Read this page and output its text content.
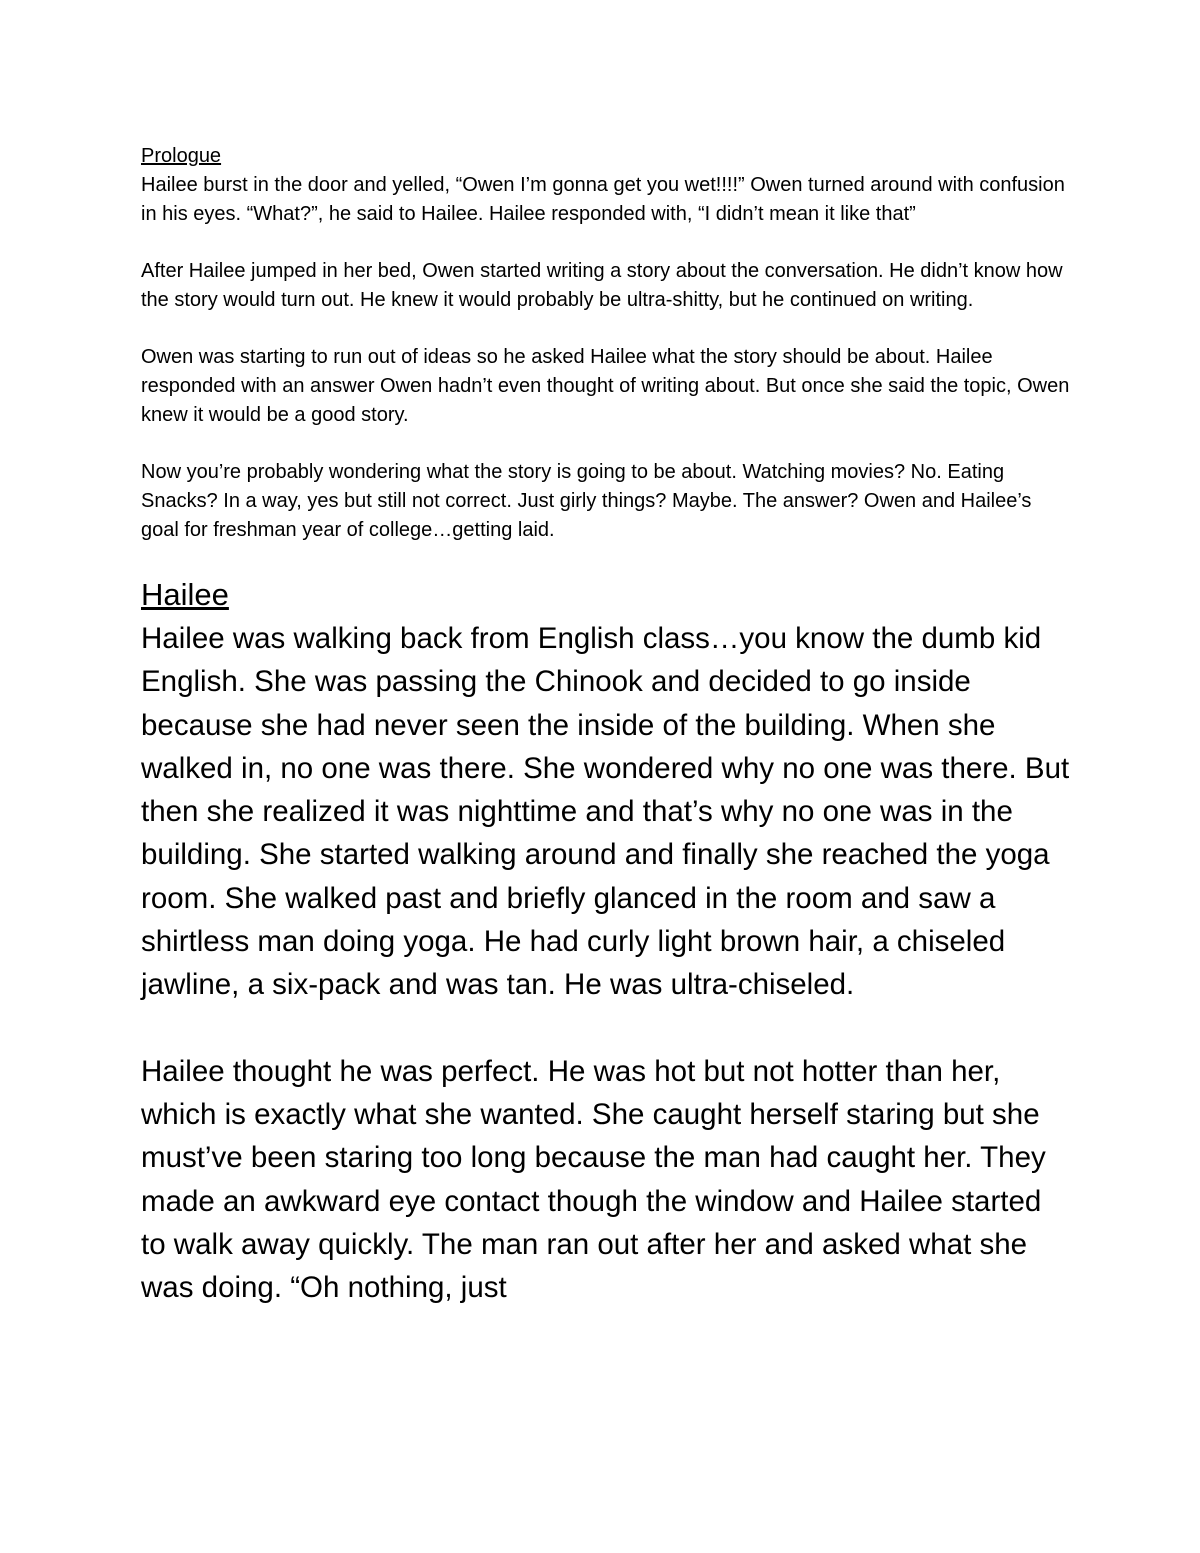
Prologue

Hailee burst in the door and yelled, “Owen I’m gonna get you wet!!!!” Owen turned around with confusion in his eyes. “What?”, he said to Hailee. Hailee responded with, “I didn’t mean it like that”

After Hailee jumped in her bed, Owen started writing a story about the conversation. He didn’t know how the story would turn out. He knew it would probably be ultra-shitty, but he continued on writing.

Owen was starting to run out of ideas so he asked Hailee what the story should be about. Hailee responded with an answer Owen hadn’t even thought of writing about. But once she said the topic, Owen knew it would be a good story.

Now you’re probably wondering what the story is going to be about. Watching movies? No. Eating Snacks? In a way, yes but still not correct. Just girly things? Maybe. The answer? Owen and Hailee’s goal for freshman year of college…getting laid.

Hailee

Hailee was walking back from English class…you know the dumb kid English. She was passing the Chinook and decided to go inside because she had never seen the inside of the building. When she walked in, no one was there. She wondered why no one was there. But then she realized it was nighttime and that’s why no one was in the building. She started walking around and finally she reached the yoga room. She walked past and briefly glanced in the room and saw a shirtless man doing yoga. He had curly light brown hair, a chiseled jawline, a six-pack and was tan. He was ultra-chiseled.

Hailee thought he was perfect. He was hot but not hotter than her, which is exactly what she wanted. She caught herself staring but she must’ve been staring too long because the man had caught her. They made an awkward eye contact though the window and Hailee started to walk away quickly. The man ran out after her and asked what she was doing. “Oh nothing, just
